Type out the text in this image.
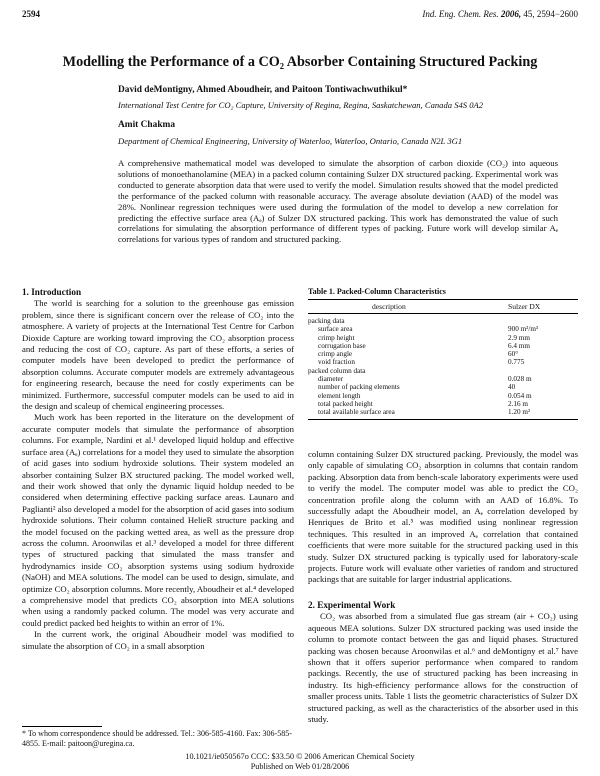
2594	Ind. Eng. Chem. Res. 2006, 45, 2594−2600
Modelling the Performance of a CO₂ Absorber Containing Structured Packing
David deMontigny, Ahmed Aboudheir, and Paitoon Tontiwachwuthikul*
International Test Centre for CO₂ Capture, University of Regina, Regina, Saskatchewan, Canada S4S 0A2
Amit Chakma
Department of Chemical Engineering, University of Waterloo, Waterloo, Ontario, Canada N2L 3G1
A comprehensive mathematical model was developed to simulate the absorption of carbon dioxide (CO₂) into aqueous solutions of monoethanolamine (MEA) in a packed column containing Sulzer DX structured packing. Experimental work was conducted to generate absorption data that were used to verify the model. Simulation results showed that the model predicted the performance of the packed column with reasonable accuracy. The average absolute deviation (AAD) of the model was 28%. Nonlinear regression techniques were used during the formulation of the model to develop a new correlation for predicting the effective surface area (Aₑ) of Sulzer DX structured packing. This work has demonstrated the value of such correlations for simulating the absorption performance of different types of packing. Future work will develop similar Aₑ correlations for various types of random and structured packing.

1. Introduction

The world is searching for a solution to the greenhouse gas emission problem, since there is significant concern over the release of CO₂ into the atmosphere. A variety of projects at the International Test Centre for Carbon Dioxide Capture are working toward improving the CO₂ absorption process and reducing the cost of CO₂ capture. As part of these efforts, a series of computer models have been developed to predict the performance of absorption columns. Accurate computer models are extremely advantageous for engineering research, because the need for costly experiments can be minimized. Furthermore, successful computer models can be used to aid in the design and scaleup of chemical engineering processes.

Much work has been reported in the literature on the development of accurate computer models that simulate the performance of absorption columns. For example, Nardini et al.¹ developed liquid holdup and effective surface area (Aₑ) correlations for a model they used to simulate the absorption of acid gases into sodium hydroxide solutions. Their system modeled an absorber containing Sulzer BX structured packing. The model worked well, and their work showed that only the dynamic liquid holdup needed to be considered when determining effective packing surface areas. Launaro and Paglianti² also developed a model for the absorption of acid gases into sodium hydroxide solutions. Their column contained HelieR structure packing and the model focused on the packing wetted area, as well as the pressure drop across the column. Aroonwilas et al.³ developed a model for three different types of structured packing that simulated the mass transfer and hydrodynamics inside CO₂ absorption systems using sodium hydroxide (NaOH) and MEA solutions. The model can be used to design, simulate, and optimize CO₂ absorption columns. More recently, Aboudheir et al.⁴ developed a comprehensive model that predicts CO₂ absorption into MEA solutions when using a randomly packed column. The model was very accurate and could predict packed bed heights to within an error of 1%.

In the current work, the original Aboudheir model was modified to simulate the absorption of CO₂ in a small absorption

Table 1. Packed-Column Characteristics
description	Sulzer DX
packing data	
surface area	900 m²/m³
crimp height	2.9 mm
corrugation base	6.4 mm
crimp angle	60°
void fraction	0.775
packed column data	
diameter	0.028 m
number of packing elements	40
element length	0.054 m
total packed height	2.16 m
total available surface area	1.20 m²

column containing Sulzer DX structured packing. Previously, the model was only capable of simulating CO₂ absorption in columns that contain random packing. Absorption data from bench-scale laboratory experiments were used to verify the model. The computer model was able to predict the CO₂ concentration profile along the column with an AAD of 16.8%. To successfully adapt the Aboudheir model, an Aₑ correlation developed by Henriques de Brito et al.⁵ was modified using nonlinear regression techniques. This resulted in an improved Aₑ correlation that contained coefficients that were more suitable for the structured packing used in this study. Sulzer DX structured packing is typically used for laboratory-scale projects. Future work will evaluate other varieties of random and structured packings that are suitable for larger industrial applications.

2. Experimental Work

CO₂ was absorbed from a simulated flue gas stream (air + CO₂) using aqueous MEA solutions. Sulzer DX structured packing was used inside the column to promote contact between the gas and liquid phases. Structured packing was chosen because Aroonwilas et al.⁶ and deMontigny et al.⁷ have shown that it offers superior performance when compared to random packings. Recently, the use of structured packing has been increasing in industry. Its high-efficiency performance allows for the construction of smaller process units. Table 1 lists the geometric characteristics of Sulzer DX structured packing, as well as the characteristics of the absorber used in this study.

* To whom correspondence should be addressed. Tel.: 306-585-4160. Fax: 306-585-4855. E-mail: paitoon@uregina.ca.
10.1021/ie050567o CCC: $33.50 © 2006 American Chemical Society
Published on Web 01/28/2006
